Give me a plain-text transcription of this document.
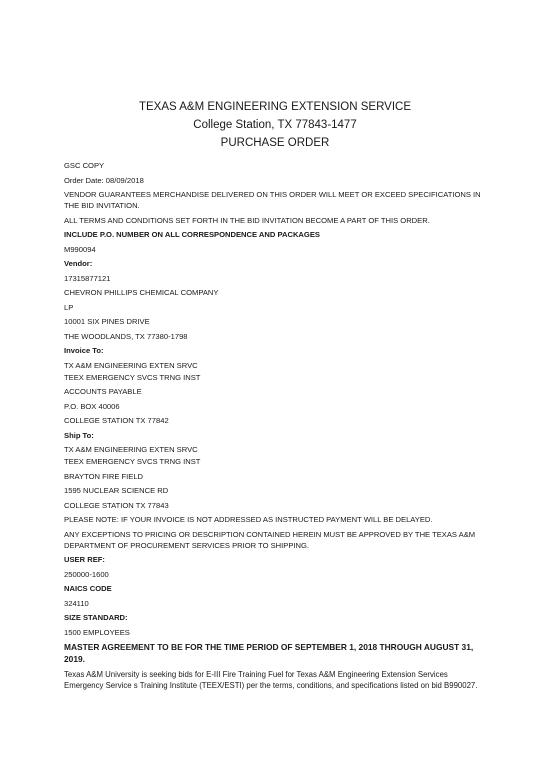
TEXAS A&M ENGINEERING EXTENSION SERVICE
College Station, TX 77843-1477
PURCHASE ORDER
GSC COPY
Order Date: 08/09/2018
VENDOR GUARANTEES MERCHANDISE DELIVERED ON THIS ORDER WILL MEET OR EXCEED SPECIFICATIONS IN THE BID INVITATION.
ALL TERMS AND CONDITIONS SET FORTH IN THE BID INVITATION BECOME A PART OF THIS ORDER.
INCLUDE P.O. NUMBER ON ALL CORRESPONDENCE AND PACKAGES
M990094
Vendor:
17315877121
CHEVRON PHILLIPS CHEMICAL COMPANY
LP
10001 SIX PINES DRIVE
THE WOODLANDS, TX 77380-1798
Invoice To:
TX A&M ENGINEERING EXTEN SRVC
TEEX EMERGENCY SVCS TRNG INST
ACCOUNTS PAYABLE
P.O. BOX 40006
COLLEGE STATION TX 77842
Ship To:
TX A&M ENGINEERING EXTEN SRVC
TEEX EMERGENCY SVCS TRNG INST
BRAYTON FIRE FIELD
1595 NUCLEAR SCIENCE RD
COLLEGE STATION TX 77843
PLEASE NOTE: IF YOUR INVOICE IS NOT ADDRESSED AS INSTRUCTED PAYMENT WILL BE DELAYED.
ANY EXCEPTIONS TO PRICING OR DESCRIPTION CONTAINED HEREIN MUST BE APPROVED BY THE TEXAS A&M DEPARTMENT OF PROCUREMENT SERVICES PRIOR TO SHIPPING.
USER REF:
250000-1600
NAICS CODE
324110
SIZE STANDARD:
1500 EMPLOYEES
MASTER AGREEMENT TO BE FOR THE TIME PERIOD OF SEPTEMBER 1, 2018 THROUGH AUGUST 31, 2019.
Texas A&M University is seeking bids for E-III Fire Training Fuel for Texas A&M Engineering Extension Services Emergency Service s Training Institute (TEEX/ESTI) per the terms, conditions, and specifications listed on bid B990027.
